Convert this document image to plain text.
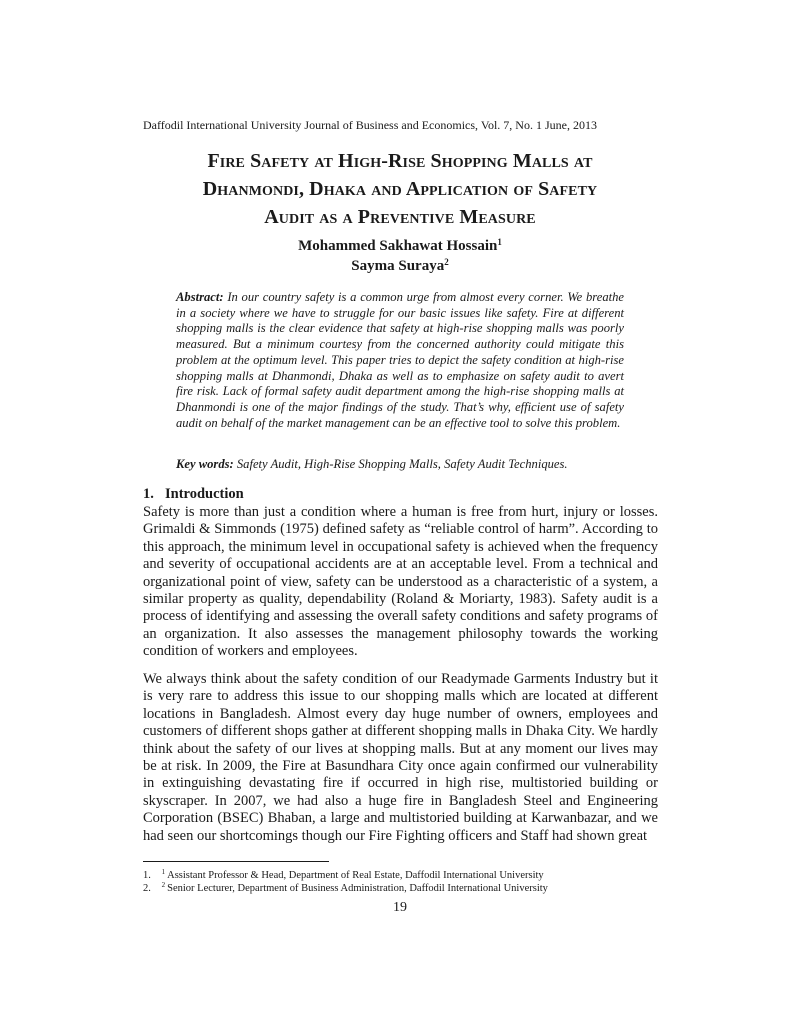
Daffodil International University Journal of Business and Economics, Vol. 7, No. 1 June, 2013
Fire Safety at High-Rise Shopping Malls at
Dhanmondi, Dhaka and Application of Safety
Audit as a Preventive Measure
Mohammed Sakhawat Hossain$^1$
Sayma Suraya$^2$
Abstract: In our country safety is a common urge from almost every corner. We breathe in a society where we have to struggle for our basic issues like safety. Fire at different shopping malls is the clear evidence that safety at high-rise shopping malls was poorly measured. But a minimum courtesy from the concerned authority could mitigate this problem at the optimum level. This paper tries to depict the safety condition at high-rise shopping malls at Dhanmondi, Dhaka as well as to emphasize on safety audit to avert fire risk. Lack of formal safety audit department among the high-rise shopping malls at Dhanmondi is one of the major findings of the study. That’s why, efficient use of safety audit on behalf of the market management can be an effective tool to solve this problem.
Key words: Safety Audit, High-Rise Shopping Malls, Safety Audit Techniques.
1. Introduction
Safety is more than just a condition where a human is free from hurt, injury or losses. Grimaldi & Simmonds (1975) defined safety as “reliable control of harm”. According to this approach, the minimum level in occupational safety is achieved when the frequency and severity of occupational accidents are at an acceptable level. From a technical and organizational point of view, safety can be understood as a characteristic of a system, a similar property as quality, dependability (Roland & Moriarty, 1983). Safety audit is a process of identifying and assessing the overall safety conditions and safety programs of an organization. It also assesses the management philosophy towards the working condition of workers and employees.
We always think about the safety condition of our Readymade Garments Industry but it is very rare to address this issue to our shopping malls which are located at different locations in Bangladesh. Almost every day huge number of owners, employees and customers of different shops gather at different shopping malls in Dhaka City. We hardly think about the safety of our lives at shopping malls. But at any moment our lives may be at risk. In 2009, the Fire at Basundhara City once again confirmed our vulnerability in extinguishing devastating fire if occurred in high rise, multistoried building or skyscraper. In 2007, we had also a huge fire in Bangladesh Steel and Engineering Corporation (BSEC) Bhaban, a large and multistoried building at Karwanbazar, and we had seen our shortcomings though our Fire Fighting officers and Staff had shown great
1. $^1$ Assistant Professor & Head, Department of Real Estate, Daffodil International University
2. $^2$ Senior Lecturer, Department of Business Administration, Daffodil International University
19
